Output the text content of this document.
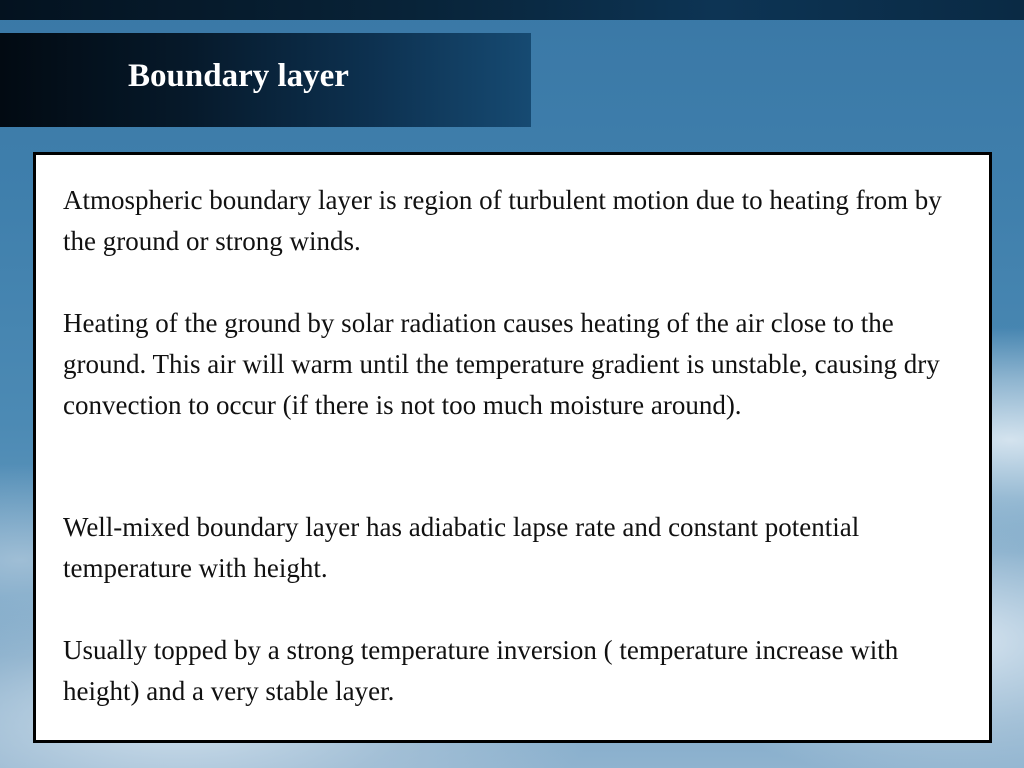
Boundary layer

Atmospheric boundary layer is region of turbulent motion due to heating from by the ground or strong winds.

Heating of the ground by solar radiation causes heating of the air close to the ground. This air will warm until the temperature gradient is unstable, causing dry convection to occur (if there is not too much moisture around).

Well-mixed boundary layer has adiabatic lapse rate and constant potential temperature with height.

Usually topped by a strong temperature inversion ( temperature increase with height) and a very stable layer.
